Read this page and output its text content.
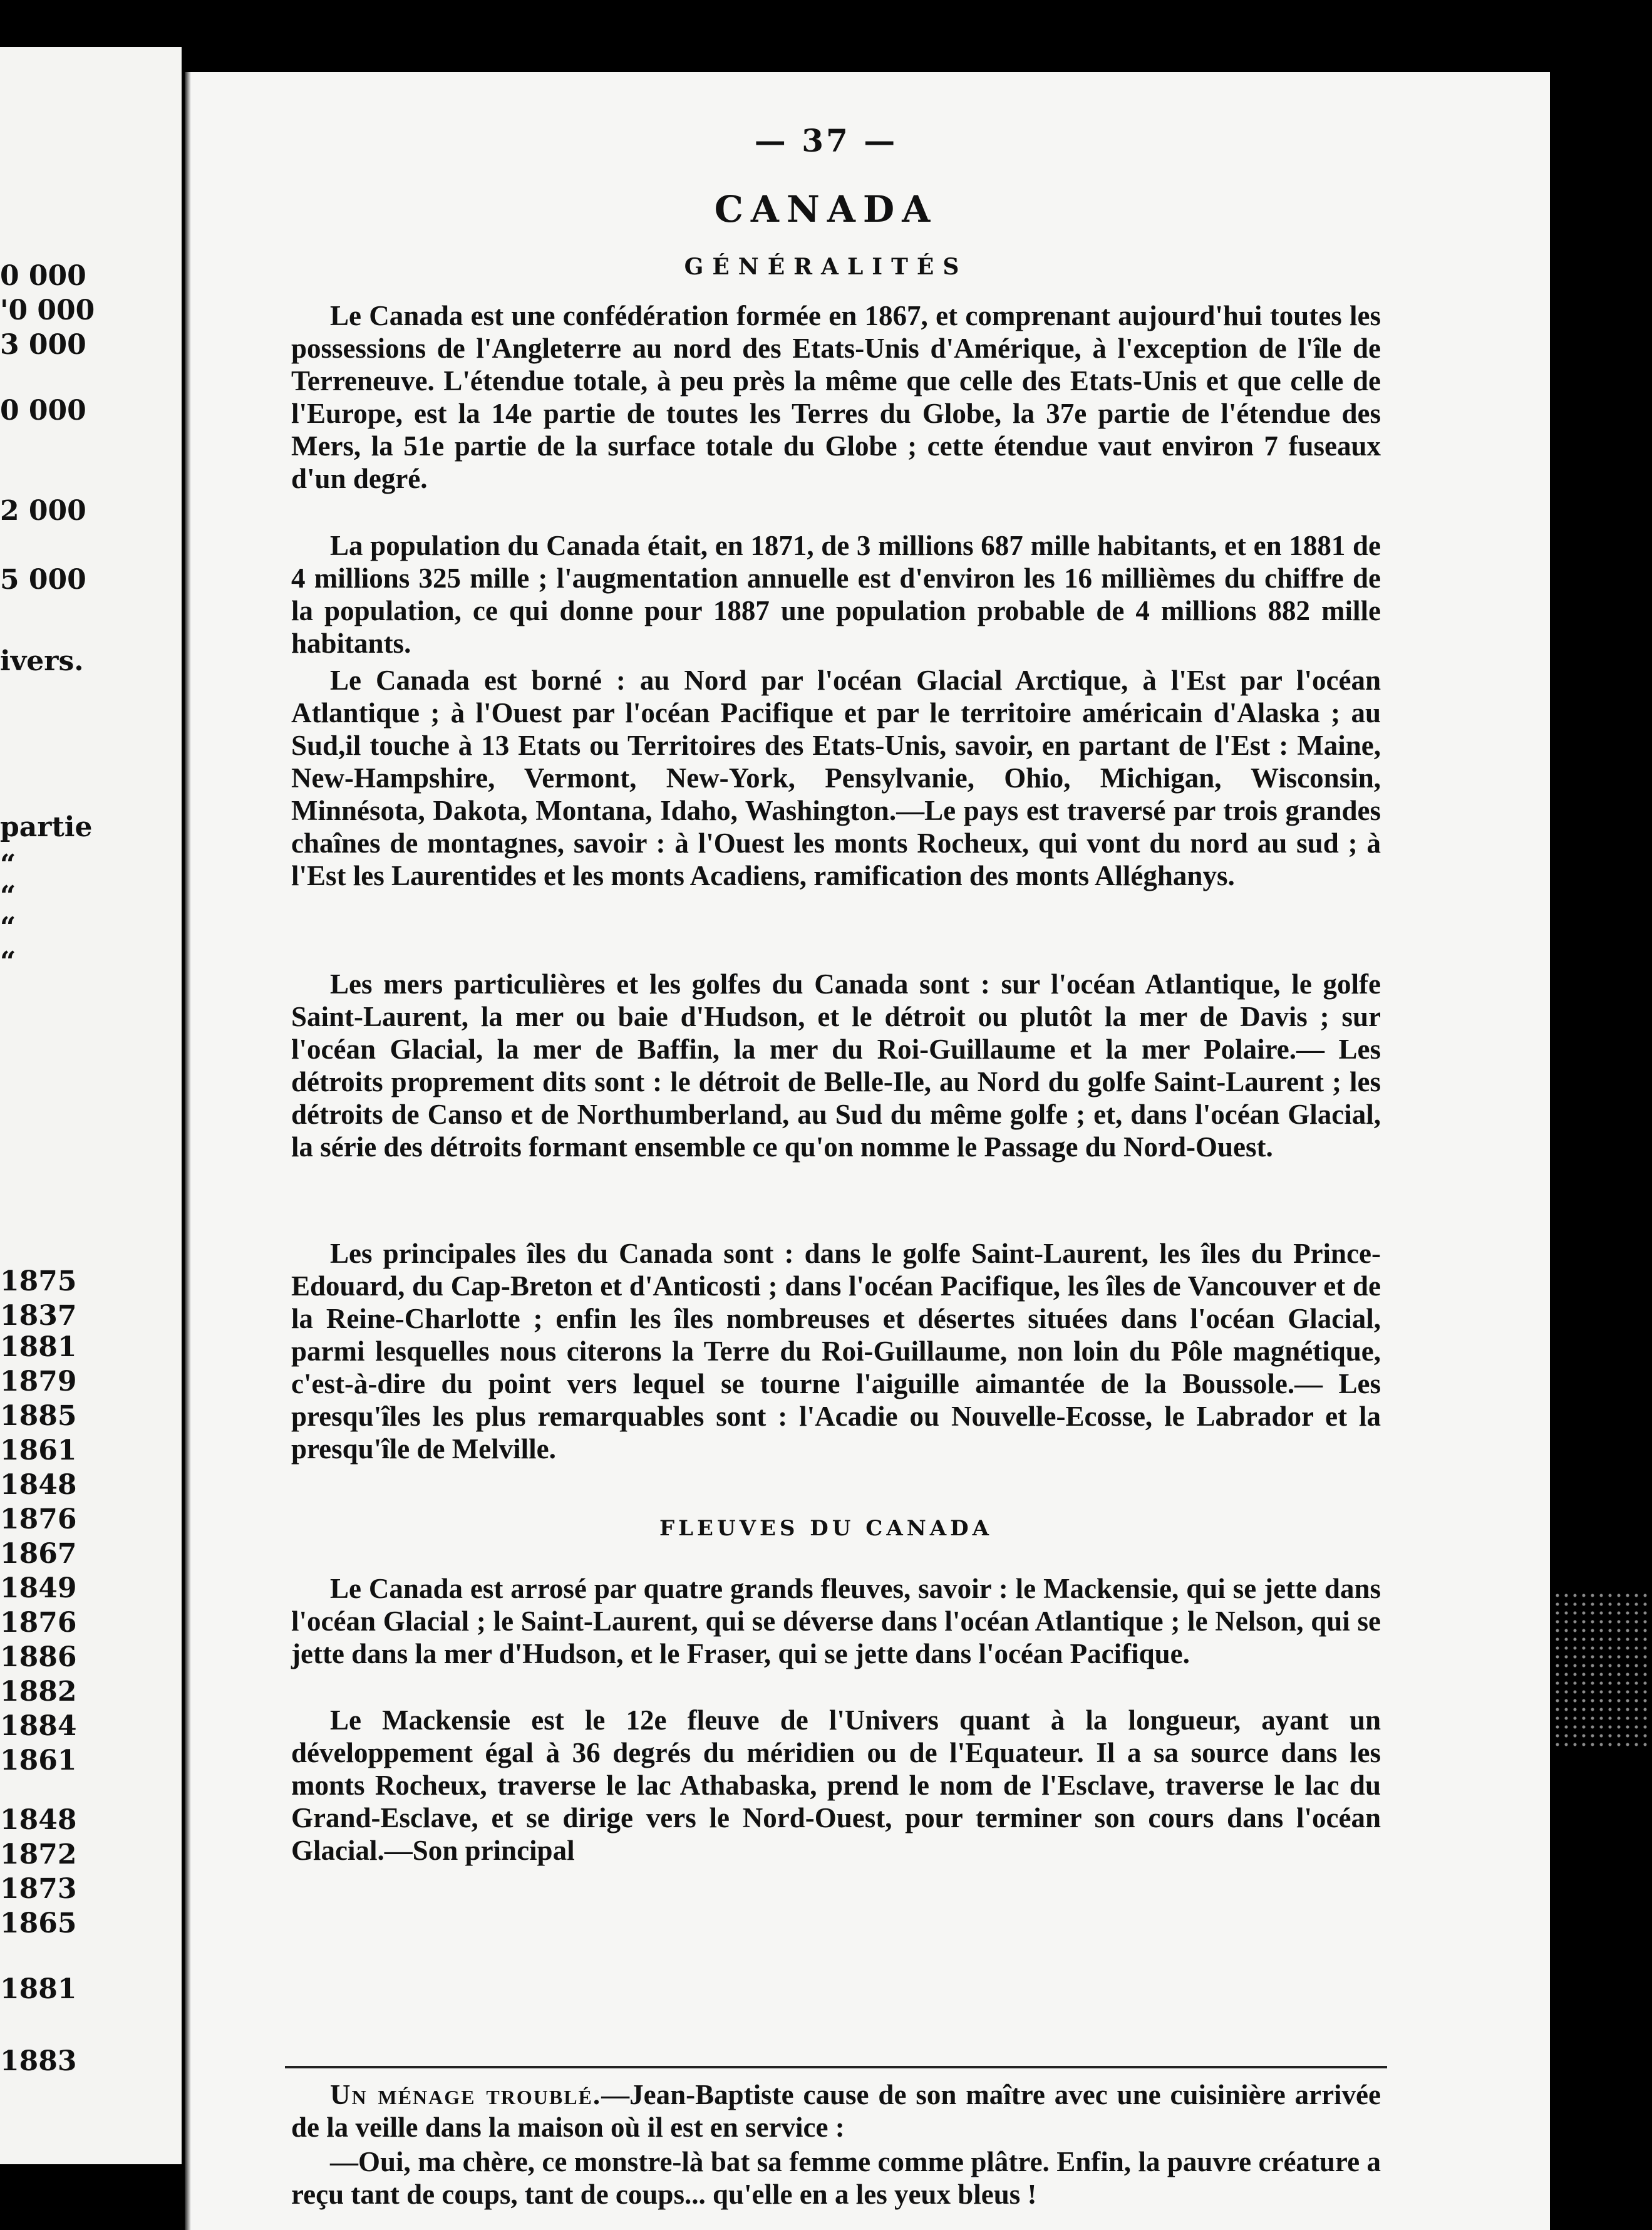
0 000
'0 000
3 000
0 000
2 000
5 000
ivers.
partie
“
“
“
“
1875
1837
1881
1879
1885
1861
1848
1876
1867
1849
1876
1886
1882
1884
1861
1848
1872
1873
1865
1881
1883
— 37 —
CANADA
GÉNÉRALITÉS
Le Canada est une confédération formée en 1867, et comprenant aujourd'hui toutes les possessions de l'Angleterre au nord des Etats-Unis d'Amérique, à l'exception de l'île de Terreneuve. L'étendue totale, à peu près la même que celle des Etats-Unis et que celle de l'Europe, est la 14e partie de toutes les Terres du Globe, la 37e partie de l'étendue des Mers, la 51e partie de la surface totale du Globe ; cette étendue vaut environ 7 fuseaux d'un degré.
La population du Canada était, en 1871, de 3 millions 687 mille habitants, et en 1881 de 4 millions 325 mille ; l'augmentation annuelle est d'environ les 16 millièmes du chiffre de la population, ce qui donne pour 1887 une population probable de 4 millions 882 mille habitants.
Le Canada est borné : au Nord par l'océan Glacial Arctique, à l'Est par l'océan Atlantique ; à l'Ouest par l'océan Pacifique et par le territoire américain d'Alaska ; au Sud,il touche à 13 Etats ou Territoires des Etats-Unis, savoir, en partant de l'Est : Maine, New-Hampshire, Vermont, New-York, Pensylvanie, Ohio, Michigan, Wisconsin, Minnésota, Dakota, Montana, Idaho, Washington.—Le pays est traversé par trois grandes chaînes de montagnes, savoir : à l'Ouest les monts Rocheux, qui vont du nord au sud ; à l'Est les Laurentides et les monts Acadiens, ramification des monts Alléghanys.
Les mers particulières et les golfes du Canada sont : sur l'océan Atlantique, le golfe Saint-Laurent, la mer ou baie d'Hudson, et le détroit ou plutôt la mer de Davis ; sur l'océan Glacial, la mer de Baffin, la mer du Roi-Guillaume et la mer Polaire.— Les détroits proprement dits sont : le détroit de Belle-Ile, au Nord du golfe Saint-Laurent ; les détroits de Canso et de Northumberland, au Sud du même golfe ; et, dans l'océan Glacial, la série des détroits formant ensemble ce qu'on nomme le Passage du Nord-Ouest.
Les principales îles du Canada sont : dans le golfe Saint-Laurent, les îles du Prince-Edouard, du Cap-Breton et d'Anticosti ; dans l'océan Pacifique, les îles de Vancouver et de la Reine-Charlotte ; enfin les îles nombreuses et désertes situées dans l'océan Glacial, parmi lesquelles nous citerons la Terre du Roi-Guillaume, non loin du Pôle magnétique, c'est-à-dire du point vers lequel se tourne l'aiguille aimantée de la Boussole.— Les presqu'îles les plus remarquables sont : l'Acadie ou Nouvelle-Ecosse, le Labrador et la presqu'île de Melville.
FLEUVES DU CANADA
Le Canada est arrosé par quatre grands fleuves, savoir : le Mackensie, qui se jette dans l'océan Glacial ; le Saint-Laurent, qui se déverse dans l'océan Atlantique ; le Nelson, qui se jette dans la mer d'Hudson, et le Fraser, qui se jette dans l'océan Pacifique.
Le Mackensie est le 12e fleuve de l'Univers quant à la longueur, ayant un développement égal à 36 degrés du méridien ou de l'Equateur. Il a sa source dans les monts Rocheux, traverse le lac Athabaska, prend le nom de l'Esclave, traverse le lac du Grand-Esclave, et se dirige vers le Nord-Ouest, pour terminer son cours dans l'océan Glacial.—Son principal
Un ménage troublé.—Jean-Baptiste cause de son maître avec une cuisinière arrivée de la veille dans la maison où il est en service :
—Oui, ma chère, ce monstre-là bat sa femme comme plâtre. Enfin, la pauvre créature a reçu tant de coups, tant de coups... qu'elle en a les yeux bleus !
